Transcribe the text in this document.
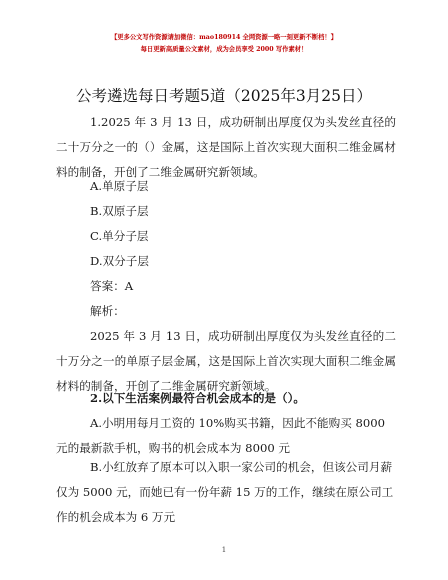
【更多公文写作资源请加微信：mao180914 全网资源一略一刻更新不断档！】
每日更新高质量公文素材，成为会员享受 2000 写作素材！
公考遴选每日考题5道（2025年3月25日）
1.2025 年 3 月 13 日，成功研制出厚度仅为头发丝直径的二十万分之一的（）金属，这是国际上首次实现大面积二维金属材料的制备，开创了二维金属研究新领域。
A.单原子层
B.双原子层
C.单分子层
D.双分子层
答案：A
解析：
2025 年 3 月 13 日，成功研制出厚度仅为头发丝直径的二十万分之一的单原子层金属，这是国际上首次实现大面积二维金属材料的制备，开创了二维金属研究新领域。
2.以下生活案例最符合机会成本的是（）。
A.小明用每月工资的 10%购买书籍，因此不能购买 8000 元的最新款手机，购书的机会成本为 8000 元
B.小红放弃了原本可以入职一家公司的机会，但该公司月薪仅为 5000 元，而她已有一份年薪 15 万的工作，继续在原公司工作的机会成本为 6 万元
1
